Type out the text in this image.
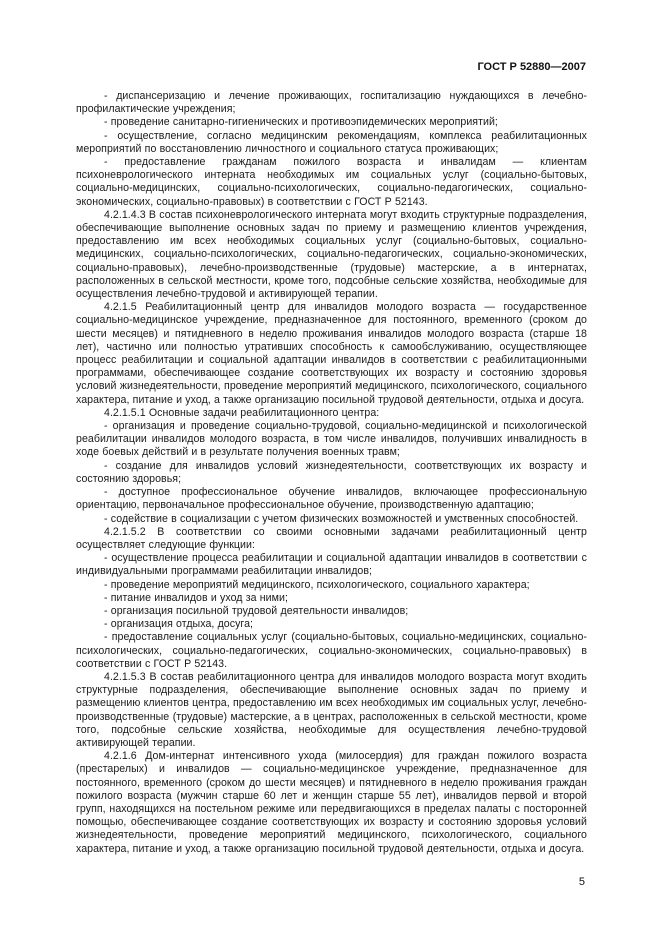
ГОСТ Р 52880—2007

- диспансеризацию и лечение проживающих, госпитализацию нуждающихся в лечебно-профилактические учреждения;

- проведение санитарно-гигиенических и противоэпидемических мероприятий;

- осуществление, согласно медицинским рекомендациям, комплекса реабилитационных мероприятий по восстановлению личностного и социального статуса проживающих;

- предоставление гражданам пожилого возраста и инвалидам — клиентам психоневрологического интерната необходимых им социальных услуг (социально-бытовых, социально-медицинских, социально-психологических, социально-педагогических, социально-экономических, социально-правовых) в соответствии с ГОСТ Р 52143.

4.2.1.4.3 В состав психоневрологического интерната могут входить структурные подразделения, обеспечивающие выполнение основных задач по приему и размещению клиентов учреждения, предоставлению им всех необходимых социальных услуг (социально-бытовых, социально-медицинских, социально-психологических, социально-педагогических, социально-экономических, социально-правовых), лечебно-производственные (трудовые) мастерские, а в интернатах, расположенных в сельской местности, кроме того, подсобные сельские хозяйства, необходимые для осуществления лечебно-трудовой и активирующей терапии.

4.2.1.5 Реабилитационный центр для инвалидов молодого возраста — государственное социально-медицинское учреждение, предназначенное для постоянного, временного (сроком до шести месяцев) и пятидневного в неделю проживания инвалидов молодого возраста (старше 18 лет), частично или полностью утративших способность к самообслуживанию, осуществляющее процесс реабилитации и социальной адаптации инвалидов в соответствии с реабилитационными программами, обеспечивающее создание соответствующих их возрасту и состоянию здоровья условий жизнедеятельности, проведение мероприятий медицинского, психологического, социального характера, питание и уход, а также организацию посильной трудовой деятельности, отдыха и досуга.

4.2.1.5.1 Основные задачи реабилитационного центра:

- организация и проведение социально-трудовой, социально-медицинской и психологической реабилитации инвалидов молодого возраста, в том числе инвалидов, получивших инвалидность в ходе боевых действий и в результате получения военных травм;

- создание для инвалидов условий жизнедеятельности, соответствующих их возрасту и состоянию здоровья;

- доступное профессиональное обучение инвалидов, включающее профессиональную ориентацию, первоначальное профессиональное обучение, производственную адаптацию;

- содействие в социализации с учетом физических возможностей и умственных способностей.

4.2.1.5.2 В соответствии со своими основными задачами реабилитационный центр осуществляет следующие функции:

- осуществление процесса реабилитации и социальной адаптации инвалидов в соответствии с индивидуальными программами реабилитации инвалидов;

- проведение мероприятий медицинского, психологического, социального характера;

- питание инвалидов и уход за ними;

- организация посильной трудовой деятельности инвалидов;

- организация отдыха, досуга;

- предоставление социальных услуг (социально-бытовых, социально-медицинских, социально-психологических, социально-педагогических, социально-экономических, социально-правовых) в соответствии с ГОСТ Р 52143.

4.2.1.5.3 В состав реабилитационного центра для инвалидов молодого возраста могут входить структурные подразделения, обеспечивающие выполнение основных задач по приему и размещению клиентов центра, предоставлению им всех необходимых им социальных услуг, лечебно-производственные (трудовые) мастерские, а в центрах, расположенных в сельской местности, кроме того, подсобные сельские хозяйства, необходимые для осуществления лечебно-трудовой активирующей терапии.

4.2.1.6 Дом-интернат интенсивного ухода (милосердия) для граждан пожилого возраста (престарелых) и инвалидов — социально-медицинское учреждение, предназначенное для постоянного, временного (сроком до шести месяцев) и пятидневного в неделю проживания граждан пожилого возраста (мужчин старше 60 лет и женщин старше 55 лет), инвалидов первой и второй групп, находящихся на постельном режиме или передвигающихся в пределах палаты с посторонней помощью, обеспечивающее создание соответствующих их возрасту и состоянию здоровья условий жизнедеятельности, проведение мероприятий медицинского, психологического, социального характера, питание и уход, а также организацию посильной трудовой деятельности, отдыха и досуга.

5
